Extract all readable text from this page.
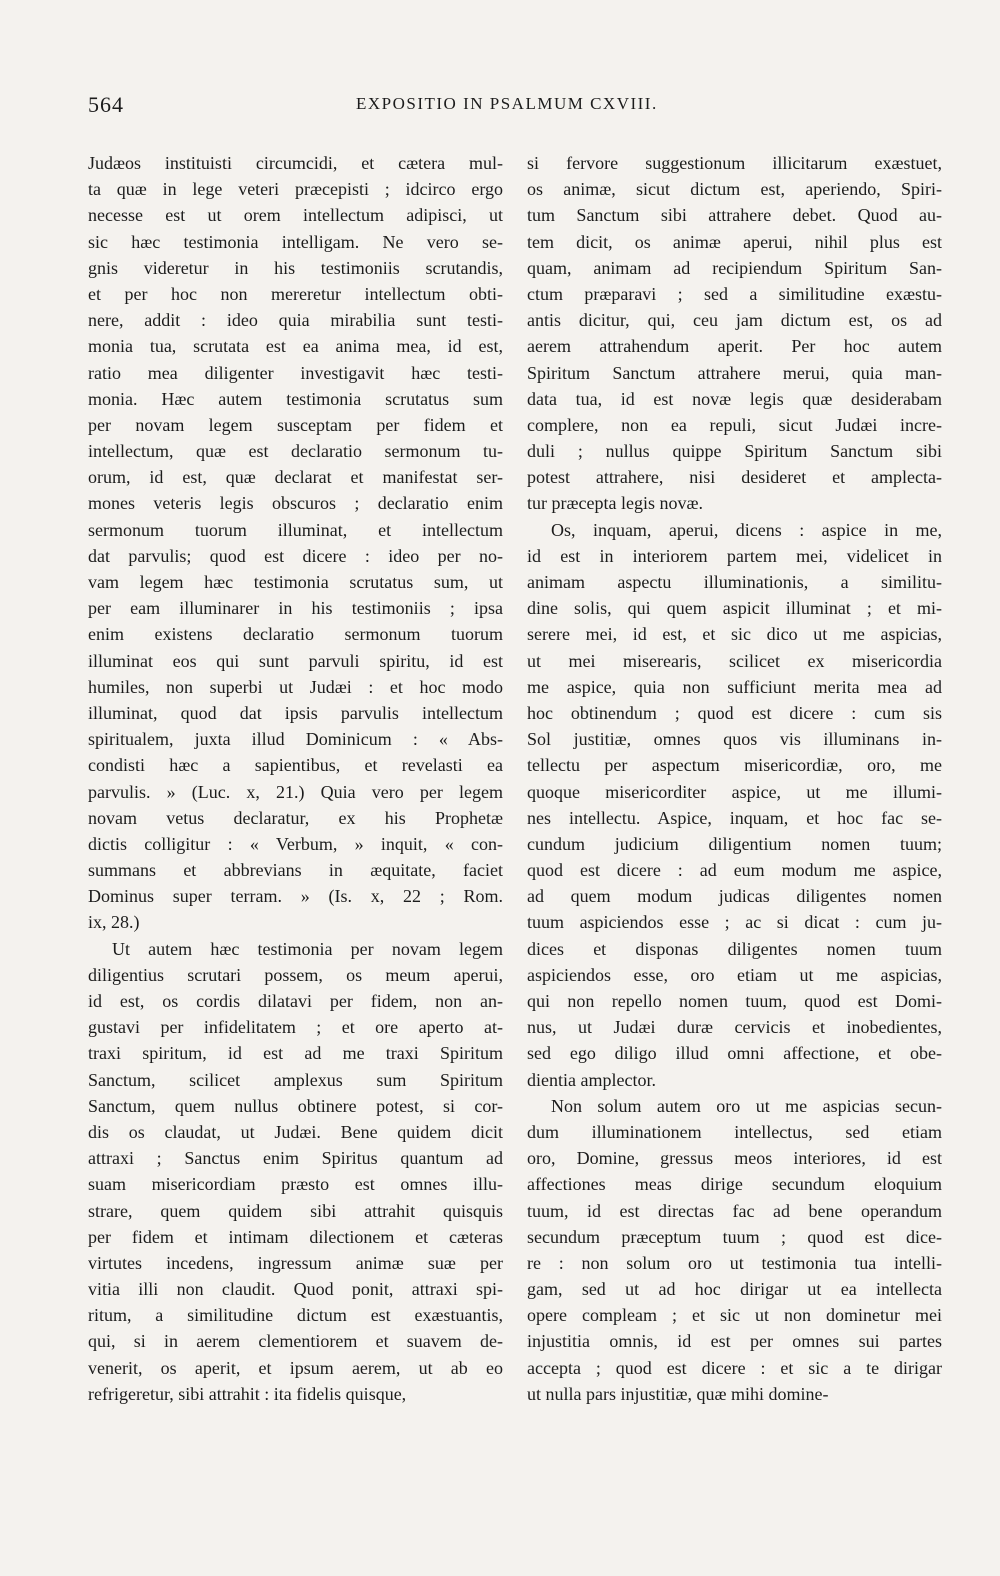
564	EXPOSITIO IN PSALMUM CXVIII.
Judæos instituisti circumcidi, et cætera mul-
ta quæ in lege veteri præcepisti ; idcirco ergo
necesse est ut orem intellectum adipisci, ut
sic hæc testimonia intelligam. Ne vero se-
gnis videretur in his testimoniis scrutandis,
et per hoc non mereretur intellectum obti-
nere, addit : ideo quia mirabilia sunt testi-
monia tua, scrutata est ea anima mea, id est,
ratio mea diligenter investigavit hæc testi-
monia. Hæc autem testimonia scrutatus sum
per novam legem susceptam per fidem et
intellectum, quæ est declaratio sermonum tu-
orum, id est, quæ declarat et manifestat ser-
mones veteris legis obscuros ; declaratio enim
sermonum tuorum illuminat, et intellectum
dat parvulis; quod est dicere : ideo per no-
vam legem hæc testimonia scrutatus sum, ut
per eam illuminarer in his testimoniis ; ipsa
enim existens declaratio sermonum tuorum
illuminat eos qui sunt parvuli spiritu, id est
humiles, non superbi ut Judæi : et hoc modo
illuminat, quod dat ipsis parvulis intellectum
spiritualem, juxta illud Dominicum : « Abs-
condisti hæc a sapientibus, et revelasti ea
parvulis. » (Luc. x, 21.) Quia vero per legem
novam vetus declaratur, ex his Prophetæ
dictis colligitur : « Verbum, » inquit, « con-
summans et abbrevians in æquitate, faciet
Dominus super terram. » (Is. x, 22 ; Rom.
ix, 28.)
Ut autem hæc testimonia per novam legem
diligentius scrutari possem, os meum aperui,
id est, os cordis dilatavi per fidem, non an-
gustavi per infidelitatem ; et ore aperto at-
traxi spiritum, id est ad me traxi Spiritum
Sanctum, scilicet amplexus sum Spiritum
Sanctum, quem nullus obtinere potest, si cor-
dis os claudat, ut Judæi. Bene quidem dicit
attraxi ; Sanctus enim Spiritus quantum ad
suam misericordiam præsto est omnes illu-
strare, quem quidem sibi attrahit quisquis
per fidem et intimam dilectionem et cæteras
virtutes incedens, ingressum animæ suæ per
vitia illi non claudit. Quod ponit, attraxi spi-
ritum, a similitudine dictum est exæstuantis,
qui, si in aerem clementiorem et suavem de-
venerit, os aperit, et ipsum aerem, ut ab eo
refrigeretur, sibi attrahit : ita fidelis quisque,
si fervore suggestionum illicitarum exæstuet,
os animæ, sicut dictum est, aperiendo, Spiri-
tum Sanctum sibi attrahere debet. Quod au-
tem dicit, os animæ aperui, nihil plus est
quam, animam ad recipiendum Spiritum San-
ctum præparavi ; sed a similitudine exæstu-
antis dicitur, qui, ceu jam dictum est, os ad
aerem attrahendum aperit. Per hoc autem
Spiritum Sanctum attrahere merui, quia man-
data tua, id est novæ legis quæ desiderabam
complere, non ea repuli, sicut Judæi incre-
duli ; nullus quippe Spiritum Sanctum sibi
potest attrahere, nisi desideret et amplecta-
tur præcepta legis novæ.
Os, inquam, aperui, dicens : aspice in me,
id est in interiorem partem mei, videlicet in
animam aspectu illuminationis, a similitu-
dine solis, qui quem aspicit illuminat ; et mi-
serere mei, id est, et sic dico ut me aspicias,
ut mei miserearis, scilicet ex misericordia
me aspice, quia non sufficiunt merita mea ad
hoc obtinendum ; quod est dicere : cum sis
Sol justitiæ, omnes quos vis illuminans in-
tellectu per aspectum misericordiæ, oro, me
quoque misericorditer aspice, ut me illumi-
nes intellectu. Aspice, inquam, et hoc fac se-
cundum judicium diligentium nomen tuum;
quod est dicere : ad eum modum me aspice,
ad quem modum judicas diligentes nomen
tuum aspiciendos esse ; ac si dicat : cum ju-
dices et disponas diligentes nomen tuum
aspiciendos esse, oro etiam ut me aspicias,
qui non repello nomen tuum, quod est Domi-
nus, ut Judæi duræ cervicis et inobedientes,
sed ego diligo illud omni affectione, et obe-
dientia amplector.
Non solum autem oro ut me aspicias secun-
dum illuminationem intellectus, sed etiam
oro, Domine, gressus meos interiores, id est
affectiones meas dirige secundum eloquium
tuum, id est directas fac ad bene operandum
secundum præceptum tuum ; quod est dice-
re : non solum oro ut testimonia tua intelli-
gam, sed ut ad hoc dirigar ut ea intellecta
opere compleam ; et sic ut non dominetur mei
injustitia omnis, id est per omnes sui partes
accepta ; quod est dicere : et sic a te dirigar
ut nulla pars injustitiæ, quæ mihi domine-
